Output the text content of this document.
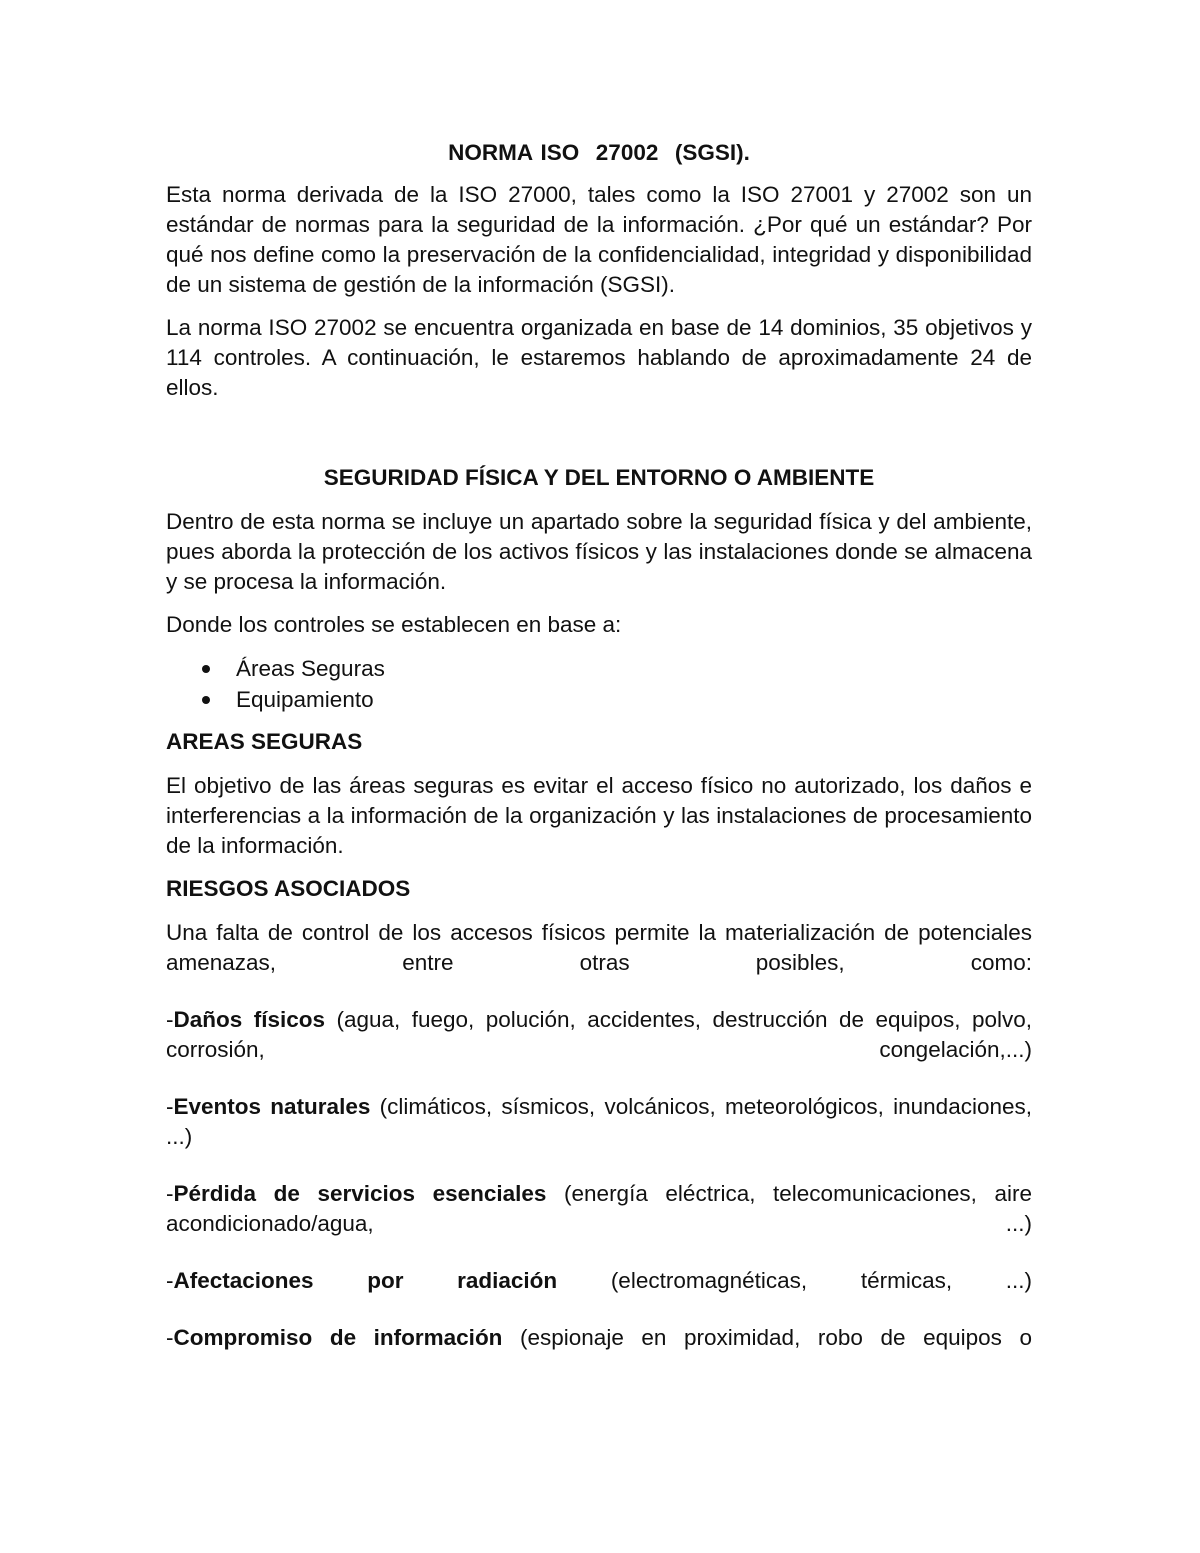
NORMA ISO  27002  (SGSI).

Esta norma derivada de la ISO 27000, tales como la ISO 27001 y 27002 son un estándar de normas para la seguridad de la información. ¿Por qué un estándar? Por qué nos define como la preservación de la confidencialidad, integridad y disponibilidad de un sistema de gestión de la información (SGSI).

La norma ISO 27002 se encuentra organizada en base de 14 dominios, 35 objetivos y 114 controles. A continuación, le estaremos hablando de aproximadamente 24 de ellos.

SEGURIDAD FÍSICA Y DEL ENTORNO O AMBIENTE

Dentro de esta norma se incluye un apartado sobre la seguridad física y del ambiente, pues aborda la protección de los activos físicos y las instalaciones donde se almacena y se procesa la información.

Donde los controles se establecen en base a:

Áreas Seguras
Equipamiento
AREAS SEGURAS

El objetivo de las áreas seguras es evitar el acceso físico no autorizado, los daños e interferencias a la información de la organización y las instalaciones de procesamiento de la información.

RIESGOS ASOCIADOS

Una falta de control de los accesos físicos permite la materialización de potenciales amenazas, entre otras posibles, como:

-Daños físicos (agua, fuego, polución, accidentes, destrucción de equipos, polvo, corrosión, congelación,...)

-Eventos naturales (climáticos, sísmicos, volcánicos, meteorológicos, inundaciones, ...)

-Pérdida de servicios esenciales (energía eléctrica, telecomunicaciones, aire acondicionado/agua, ...)

-Afectaciones por radiación (electromagnéticas, térmicas, ...)

-Compromiso de información (espionaje en proximidad, robo de equipos o
